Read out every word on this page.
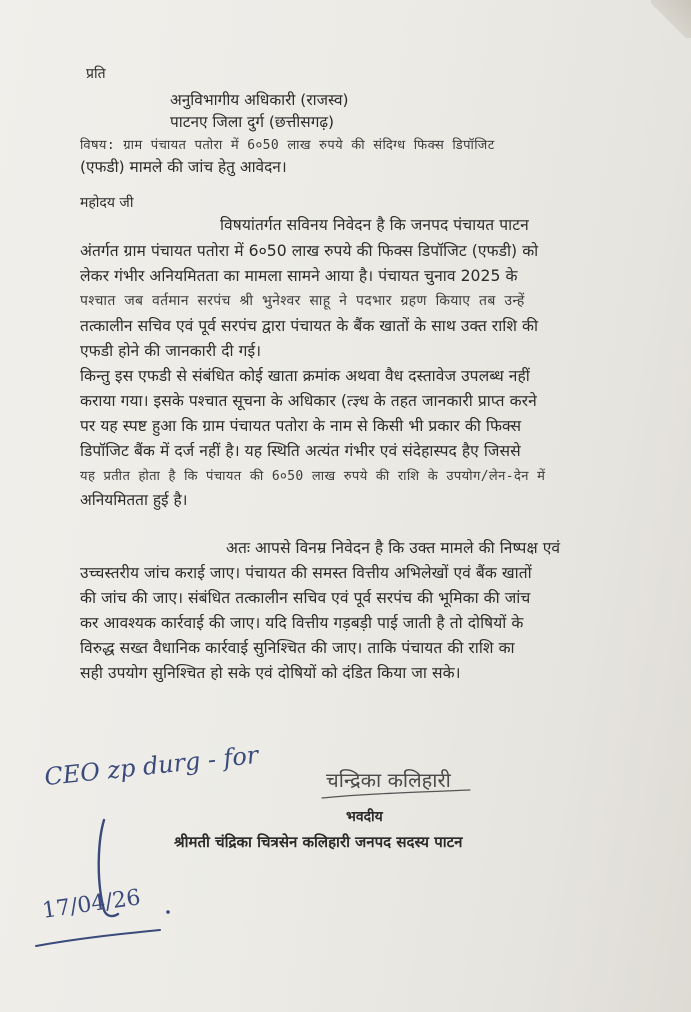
प्रति
अनुविभागीय अधिकारी (राजस्व)
पाटनए जिला दुर्ग (छत्तीसगढ़)
विषय: ग्राम पंचायत पतोरा में 6०50 लाख रुपये की संदिग्ध फिक्स डिपॉजिट
(एफडी) मामले की जांच हेतु आवेदन।
महोदय जी
विषयांतर्गत सविनय निवेदन है कि जनपद पंचायत पाटन
अंतर्गत ग्राम पंचायत पतोरा में 6०50 लाख रुपये की फिक्स डिपॉजिट (एफडी) को
लेकर गंभीर अनियमितता का मामला सामने आया है। पंचायत चुनाव 2025 के
पश्चात जब वर्तमान सरपंच श्री भुनेश्वर साहू ने पदभार ग्रहण कियाए तब उन्हें
तत्कालीन सचिव एवं पूर्व सरपंच द्वारा पंचायत के बैंक खातों के साथ उक्त राशि की
एफडी होने की जानकारी दी गई।
किन्तु इस एफडी से संबंधित कोई खाता क्रमांक अथवा वैध दस्तावेज उपलब्ध नहीं
कराया गया। इसके पश्चात सूचना के अधिकार (त्ज्ञ्ध के तहत जानकारी प्राप्त करने
पर यह स्पष्ट हुआ कि ग्राम पंचायत पतोरा के नाम से किसी भी प्रकार की फिक्स
डिपॉजिट बैंक में दर्ज नहीं है। यह स्थिति अत्यंत गंभीर एवं संदेहास्पद हैए जिससे
यह प्रतीत होता है कि पंचायत की 6०50 लाख रुपये की राशि के उपयोग/लेन-देन में
अनियमितता हुई है।
अतः आपसे विनम्र निवेदन है कि उक्त मामले की निष्पक्ष एवं
उच्चस्तरीय जांच कराई जाए। पंचायत की समस्त वित्तीय अभिलेखों एवं बैंक खातों
की जांच की जाए। संबंधित तत्कालीन सचिव एवं पूर्व सरपंच की भूमिका की जांच
कर आवश्यक कार्रवाई की जाए। यदि वित्तीय गड़बड़ी पाई जाती है तो दोषियों के
विरुद्ध सख्त वैधानिक कार्रवाई सुनिश्चित की जाए। ताकि पंचायत की राशि का
सही उपयोग सुनिश्चित हो सके एवं दोषियों को दंडित किया जा सके।
CEO zp durg - for	चन्द्रिका कलिहारी
भवदीय
श्रीमती चंद्रिका चित्रसेन कलिहारी जनपद सदस्य पाटन
17/04/26
